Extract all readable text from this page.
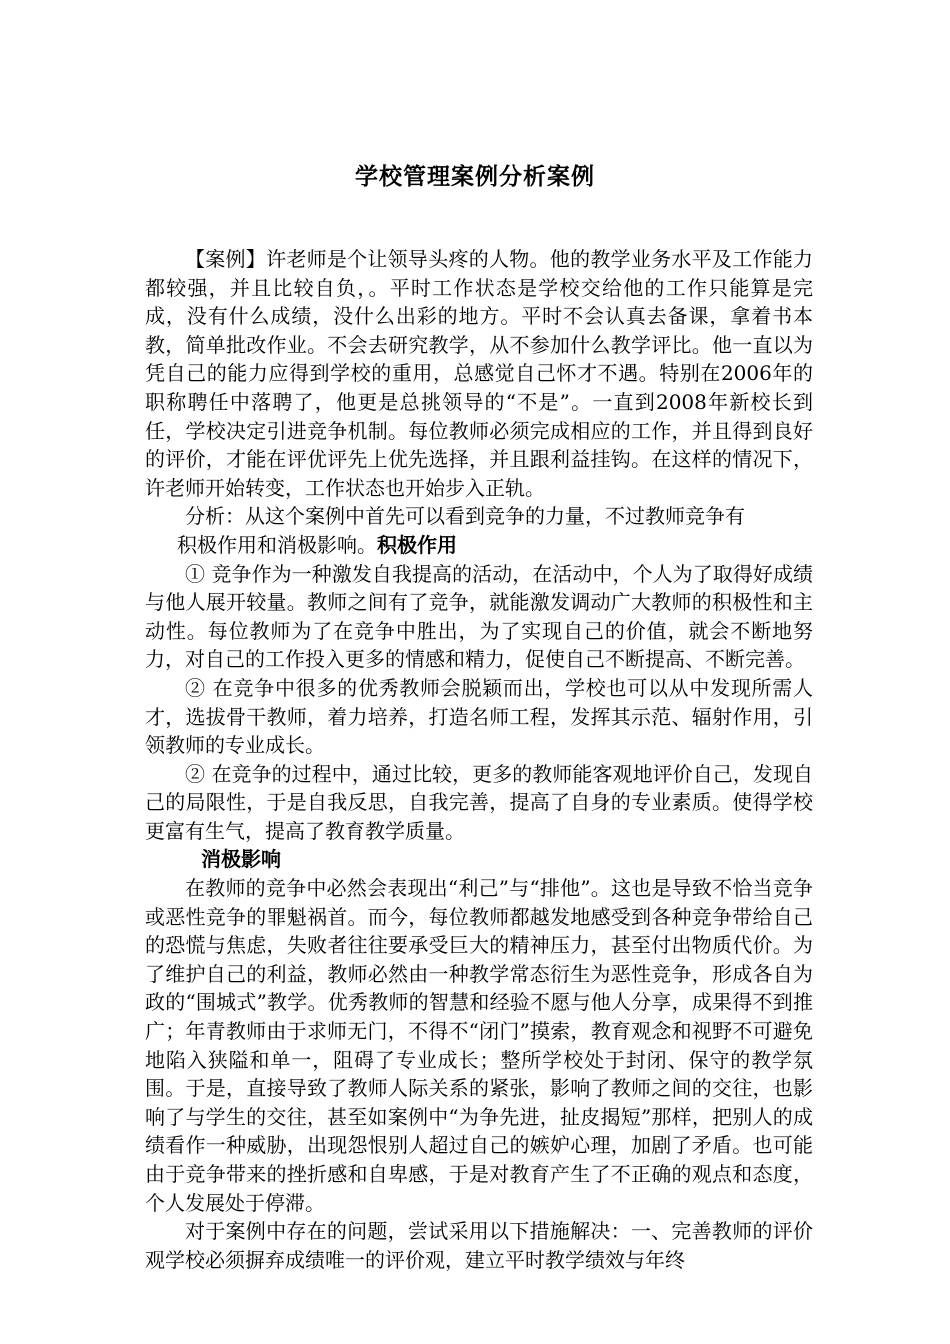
学校管理案例分析案例

【案例】许老师是个让领导头疼的人物。他的教学业务水平及工作能力都较强，并且比较自负，。平时工作状态是学校交给他的工作只能算是完成，没有什么成绩，没什么出彩的地方。平时不会认真去备课，拿着书本教，简单批改作业。不会去研究教学，从不参加什么教学评比。他一直以为凭自己的能力应得到学校的重用，总感觉自己怀才不遇。特别在2006年的职称聘任中落聘了，他更是总挑领导的“不是”。一直到2008年新校长到任，学校决定引进竞争机制。每位教师必须完成相应的工作，并且得到良好的评价，才能在评优评先上优先选择，并且跟利益挂钩。在这样的情况下，许老师开始转变，工作状态也开始步入正轨。

分析：从这个案例中首先可以看到竞争的力量，不过教师竞争有

积极作用和消极影响。积极作用

① 竞争作为一种激发自我提高的活动，在活动中，个人为了取得好成绩与他人展开较量。教师之间有了竞争，就能激发调动广大教师的积极性和主动性。每位教师为了在竞争中胜出，为了实现自己的价值，就会不断地努力，对自己的工作投入更多的情感和精力，促使自己不断提高、不断完善。

② 在竞争中很多的优秀教师会脱颖而出，学校也可以从中发现所需人才，选拔骨干教师，着力培养，打造名师工程，发挥其示范、辐射作用，引领教师的专业成长。

② 在竞争的过程中，通过比较，更多的教师能客观地评价自己，发现自己的局限性，于是自我反思，自我完善，提高了自身的专业素质。使得学校更富有生气，提高了教育教学质量。

消极影响

在教师的竞争中必然会表现出“利己”与“排他”。这也是导致不恰当竞争或恶性竞争的罪魁祸首。而今，每位教师都越发地感受到各种竞争带给自己的恐慌与焦虑，失败者往往要承受巨大的精神压力，甚至付出物质代价。为了维护自己的利益，教师必然由一种教学常态衍生为恶性竞争，形成各自为政的“围城式”教学。优秀教师的智慧和经验不愿与他人分享，成果得不到推广；年青教师由于求师无门，不得不“闭门”摸索，教育观念和视野不可避免地陷入狭隘和单一，阻碍了专业成长；整所学校处于封闭、保守的教学氛围。于是，直接导致了教师人际关系的紧张，影响了教师之间的交往，也影响了与学生的交往，甚至如案例中“为争先进，扯皮揭短”那样，把别人的成绩看作一种威胁，出现怨恨别人超过自己的嫉妒心理，加剧了矛盾。也可能由于竞争带来的挫折感和自卑感，于是对教育产生了不正确的观点和态度，个人发展处于停滞。

对于案例中存在的问题，尝试采用以下措施解决：一、完善教师的评价观学校必须摒弃成绩唯一的评价观，建立平时教学绩效与年终
